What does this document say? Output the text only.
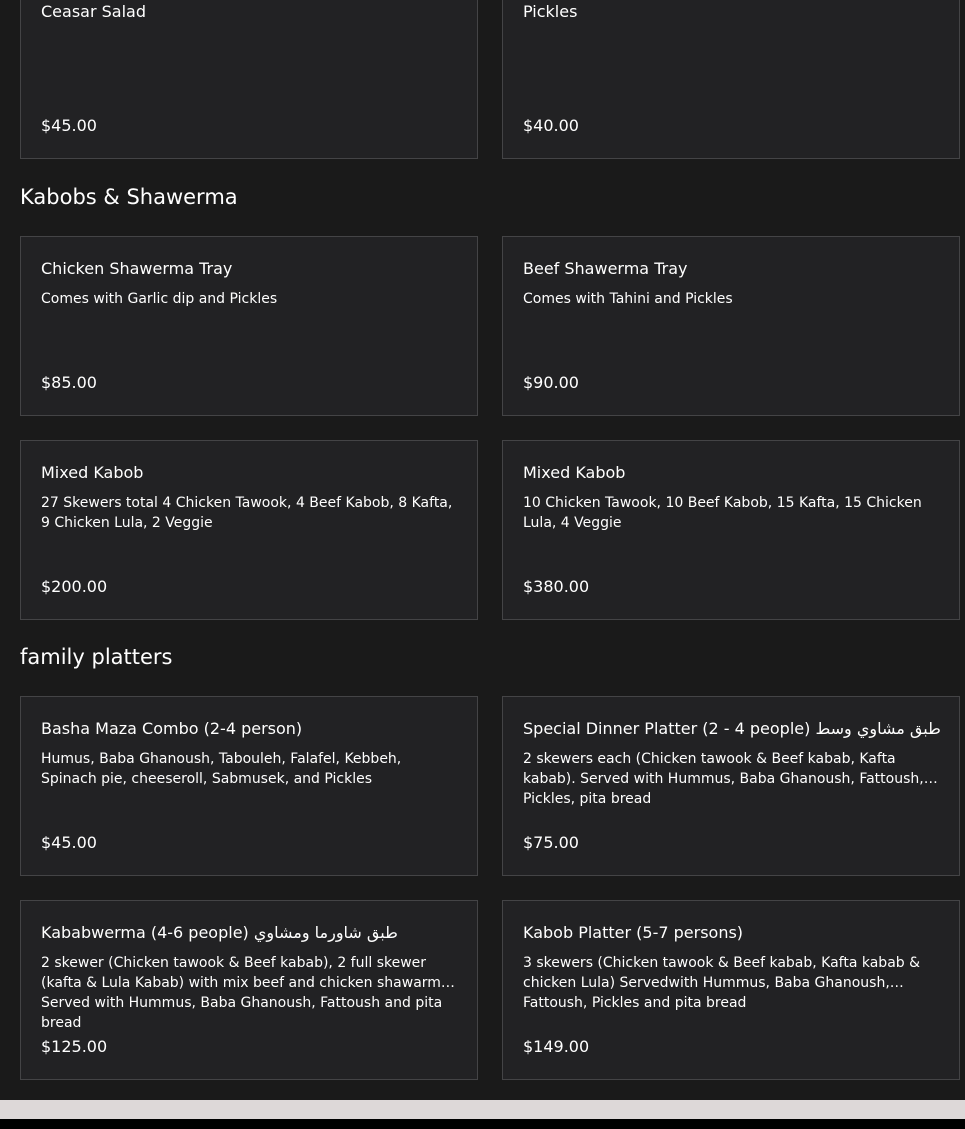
Ceasar Salad
$45.00
Pickles
$40.00
Kabobs & Shawerma
Chicken Shawerma Tray
Comes with Garlic dip and Pickles
$85.00
Beef Shawerma Tray
Comes with Tahini and Pickles
$90.00
Mixed Kabob
27 Skewers total 4 Chicken Tawook, 4 Beef Kabob, 8 Kafta, 9 Chicken Lula, 2 Veggie
$200.00
Mixed Kabob
10 Chicken Tawook, 10 Beef Kabob, 15 Kafta, 15 Chicken Lula, 4 Veggie
$380.00
family platters
Basha Maza Combo (2-4 person)
Humus, Baba Ghanoush, Tabouleh, Falafel, Kebbeh, Spinach pie, cheeseroll, Sabmusek, and Pickles
$45.00
Special Dinner Platter (2 - 4 people) طبق مشاوي وسط
2 skewers each (Chicken tawook & Beef kabab, Kafta kabab). Served with Hummus, Baba Ghanoush, Fattoush, Pickles, pita bread
$75.00
Kababwerma (4-6 people) طبق شاورما ومشاوي
2 skewer (Chicken tawook & Beef kabab), 2 full skewer (kafta & Lula Kabab) with mix beef and chicken shawarma. Served with Hummus, Baba Ghanoush, Fattoush and pita bread
$125.00
Kabob Platter (5-7 persons)
3 skewers (Chicken tawook & Beef kabab, Kafta kabab & chicken Lula) Servedwith Hummus, Baba Ghanoush, Fattoush, Pickles and pita bread
$149.00
